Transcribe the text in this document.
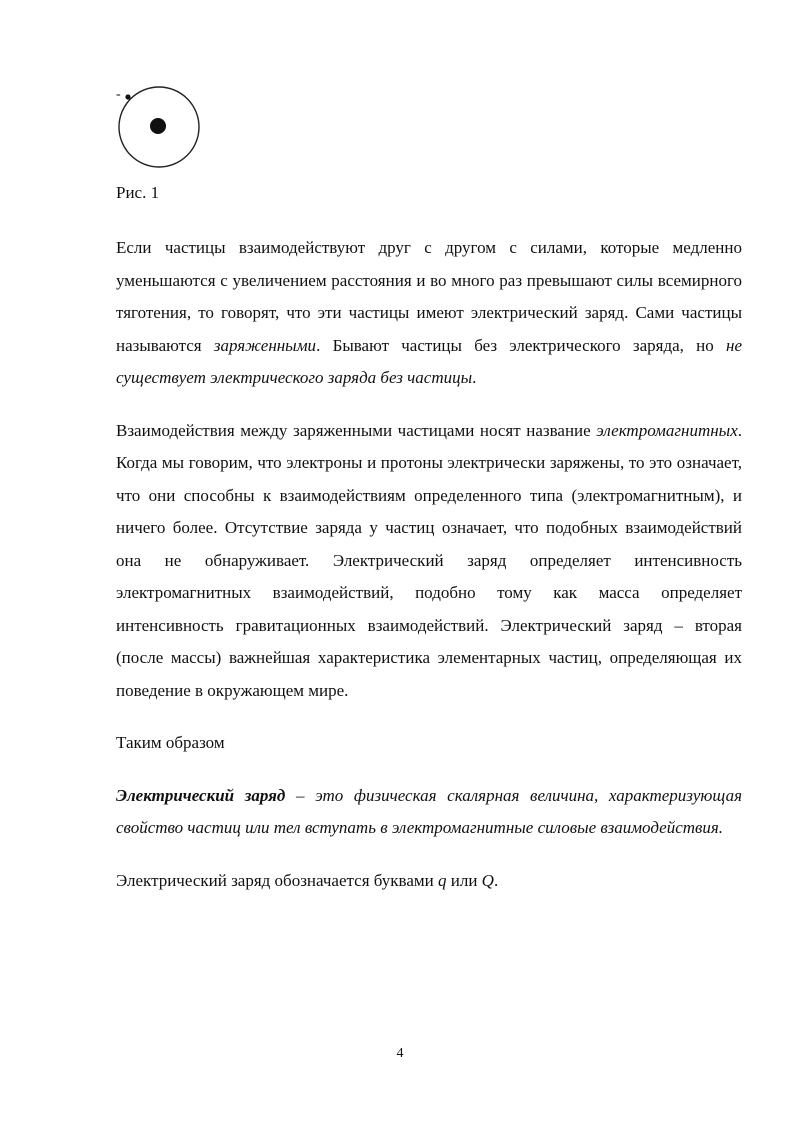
-
Рис. 1

Если частицы взаимодействуют друг с другом с силами, которые медленно уменьшаются с увеличением расстояния и во много раз превышают силы всемирного тяготения, то говорят, что эти частицы имеют электрический заряд. Сами частицы называются заряженными. Бывают частицы без электрического заряда, но не существует электрического заряда без частицы.

Взаимодействия между заряженными частицами носят название электромагнитных. Когда мы говорим, что электроны и протоны электрически заряжены, то это означает, что они способны к взаимодействиям определенного типа (электромагнитным), и ничего более. Отсутствие заряда у частиц означает, что подобных взаимодействий она не обнаруживает. Электрический заряд определяет интенсивность электромагнитных взаимодействий, подобно тому как масса определяет интенсивность гравитационных взаимодействий. Электрический заряд – вторая (после массы) важнейшая характеристика элементарных частиц, определяющая их поведение в окружающем мире.

Таким образом

Электрический заряд – это физическая скалярная величина, характеризующая свойство частиц или тел вступать в электромагнитные силовые взаимодействия.

Электрический заряд обозначается буквами q или Q.

4
